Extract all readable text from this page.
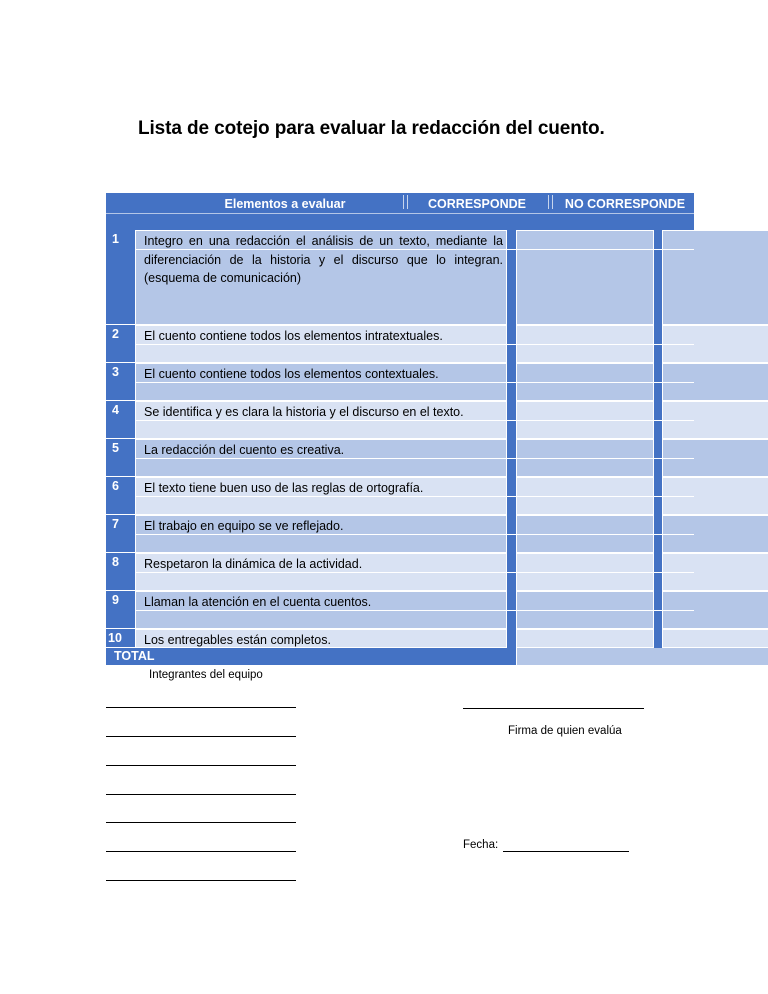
Lista de cotejo para evaluar la redacción del cuento.
Elementos a evaluar	CORRESPONDE	NO CORRESPONDE
1	Integro en una redacción el análisis de un texto, mediante la diferenciación de la historia y el discurso que lo integran. (esquema de comunicación)
2	El cuento contiene todos los elementos intratextuales.
3	El cuento contiene todos los elementos contextuales.
4	Se identifica y es clara la historia y el discurso en el texto.
5	La redacción del cuento es creativa.
6	El texto tiene buen uso de las reglas de ortografía.
7	El trabajo en equipo se ve reflejado.
8	Respetaron la dinámica de la actividad.
9	Llaman la atención en el cuenta cuentos.
10	Los entregables están completos.
TOTAL
Integrantes del equipo
Firma de quien evalúa
Fecha:
